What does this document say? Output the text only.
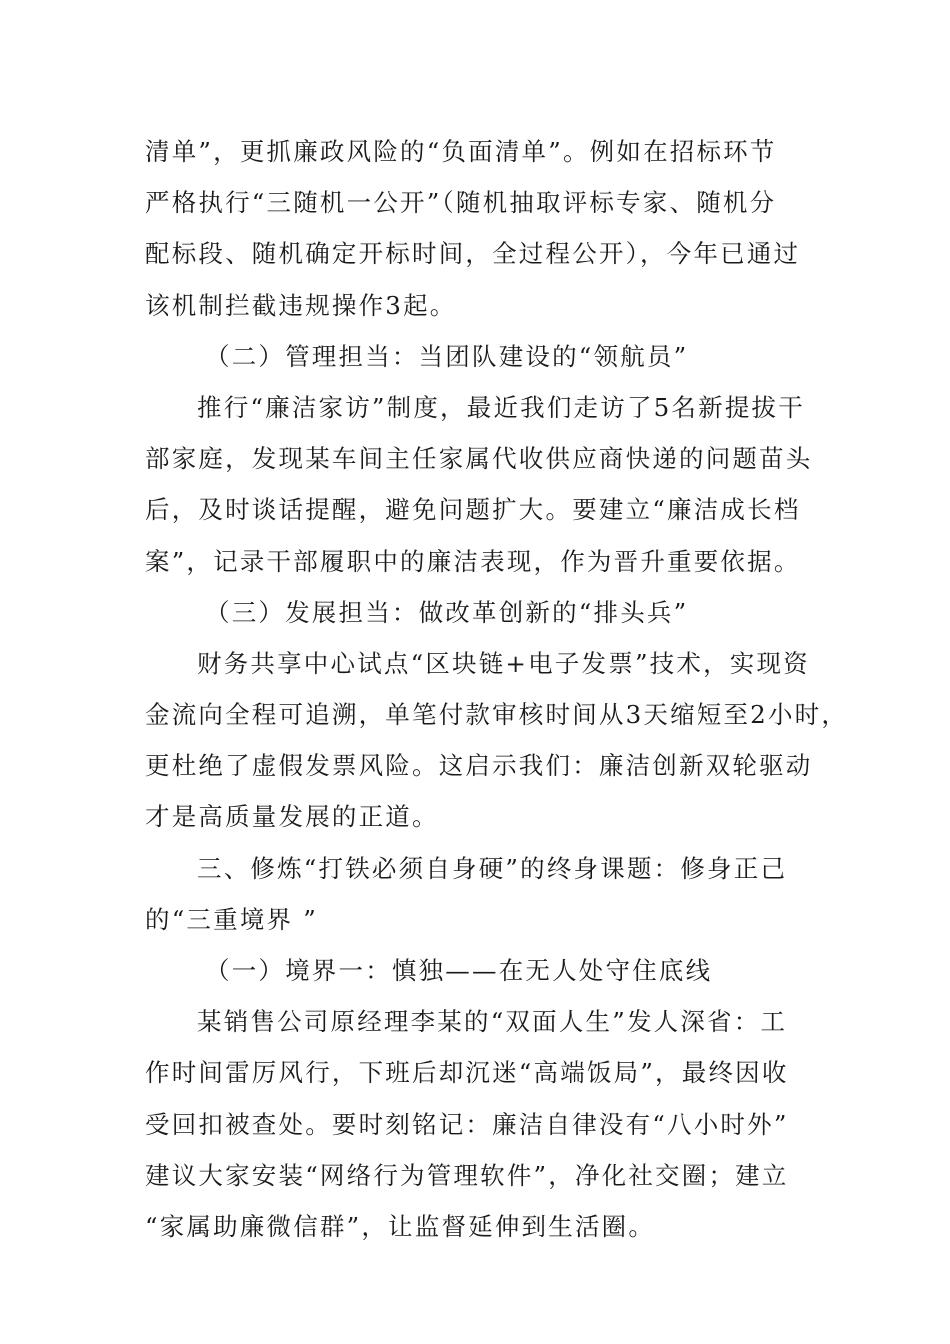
清单”，更抓廉政风险的“负面清单”。例如在招标环节
严格执行“三随机一公开”（随机抽取评标专家、随机分
配标段、随机确定开标时间，全过程公开），今年已通过
该机制拦截违规操作3起。
（二）管理担当：当团队建设的“领航员”
推行“廉洁家访”制度，最近我们走访了5名新提拔干
部家庭，发现某车间主任家属代收供应商快递的问题苗头
后，及时谈话提醒，避免问题扩大。要建立“廉洁成长档
案”，记录干部履职中的廉洁表现，作为晋升重要依据。
（三）发展担当：做改革创新的“排头兵”
财务共享中心试点“区块链+电子发票”技术，实现资
金流向全程可追溯，单笔付款审核时间从3天缩短至2小时，
更杜绝了虚假发票风险。这启示我们：廉洁创新双轮驱动
才是高质量发展的正道。
三、修炼“打铁必须自身硬”的终身课题：修身正己
的“三重境界 ”
（一）境界一：慎独——在无人处守住底线
某销售公司原经理李某的“双面人生”发人深省：工
作时间雷厉风行，下班后却沉迷“高端饭局”，最终因收
受回扣被查处。要时刻铭记：廉洁自律没有“八小时外”
建议大家安装“网络行为管理软件”，净化社交圈；建立
“家属助廉微信群”，让监督延伸到生活圈。
